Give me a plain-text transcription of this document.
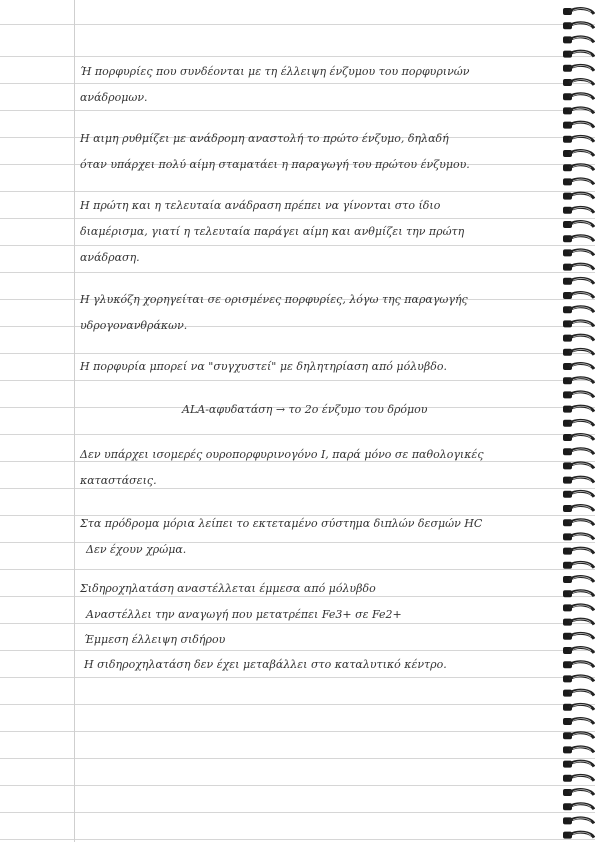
Ή πορφυρίες που συνδέονται με τη έλλειψη ένζυμου του πορφυρινών
ανάδρομων.
Η αιμη ρυθμίζει με ανάδρομη αναστολή το πρώτο ένζυμο, δηλαδή
όταν υπάρχει πολύ αίμη σταματάει η παραγωγή του πρώτου ένζυμου.
Η πρώτη και η τελευταία ανάδραση πρέπει να γίνονται στο ίδιο
διαμέρισμα, γιατί η τελευταία παράγει αίμη και ανθμίζει την πρώτη
ανάδραση.
Η γλυκόζη χορηγείται σε ορισμένες πορφυρίες, λόγω της παραγωγής
υδρογονανθράκων.
Η πορφυρία μπορεί να "συγχυστεί" με δηλητηρίαση από μόλυβδο.
ALA-αφυδατάση → το 2ο ένζυμο του δρόμου
Δεν υπάρχει ισομερές ουροπορφυρινογόνο Ι, παρά μόνο σε παθολογικές
καταστάσεις.
Στα πρόδρομα μόρια λείπει το εκτεταμένο σύστημα διπλών δεσμών HC
Δεν έχουν χρώμα.
Σιδηροχηλατάση αναστέλλεται έμμεσα από μόλυβδο
Αναστέλλει την αναγωγή που μετατρέπει Fe3+ σε Fe2+
Έμμεση έλλειψη σιδήρου
Η σιδηροχηλατάση δεν έχει μεταβάλλει στο καταλυτικό κέντρο.
